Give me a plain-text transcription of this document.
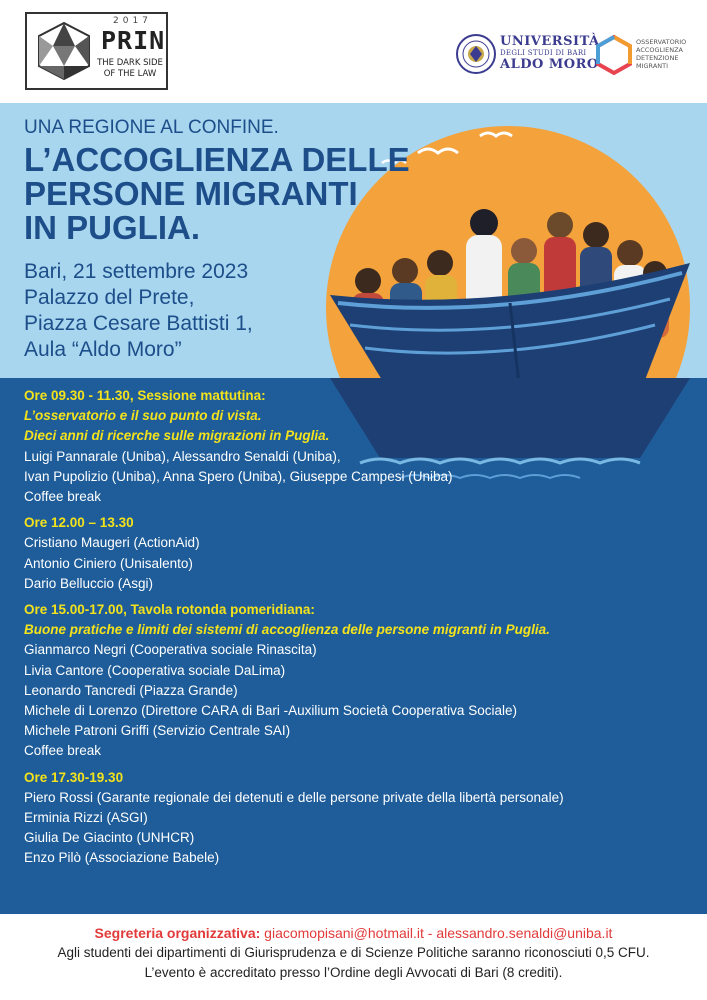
2017
PRIN
THE DARK SIDE
OF THE LAW
UNIVERSITÀ
DEGLI STUDI DI BARI
ALDO MORO
OSSERVATORIO
ACCOGLIENZA
DETENZIONE
MIGRANTI
UNA REGIONE AL CONFINE.
L’ACCOGLIENZA DELLE
PERSONE MIGRANTI
IN PUGLIA.
Bari, 21 settembre 2023
Palazzo del Prete,
Piazza Cesare Battisti 1,
Aula “Aldo Moro”
Ore 09.30 - 11.30, Sessione mattutina:
L’osservatorio e il suo punto di vista.
Dieci anni di ricerche sulle migrazioni in Puglia.
Luigi Pannarale (Uniba), Alessandro Senaldi (Uniba),
Ivan Pupolizio (Uniba), Anna Spero (Uniba), Giuseppe Campesi (Uniba)
Coffee break
Ore 12.00 – 13.30
Cristiano Maugeri (ActionAid)
Antonio Ciniero (Unisalento)
Dario Belluccio (Asgi)
Ore 15.00-17.00, Tavola rotonda pomeridiana:
Buone pratiche e limiti dei sistemi di accoglienza delle persone migranti in Puglia.
Gianmarco Negri (Cooperativa sociale Rinascita)
Livia Cantore (Cooperativa sociale DaLima)
Leonardo Tancredi (Piazza Grande)
Michele di Lorenzo (Direttore CARA di Bari -Auxilium Società Cooperativa Sociale)
Michele Patroni Griffi (Servizio Centrale SAI)
Coffee break
Ore 17.30-19.30
Piero Rossi (Garante regionale dei detenuti e delle persone private della libertà personale)
Erminia Rizzi (ASGI)
Giulia De Giacinto (UNHCR)
Enzo Pilò (Associazione Babele)
Segreteria organizzativa: giacomopisani@hotmail.it - alessandro.senaldi@uniba.it
Agli studenti dei dipartimenti di Giurisprudenza e di Scienze Politiche saranno riconosciuti 0,5 CFU.
L’evento è accreditato presso l’Ordine degli Avvocati di Bari (8 crediti).
